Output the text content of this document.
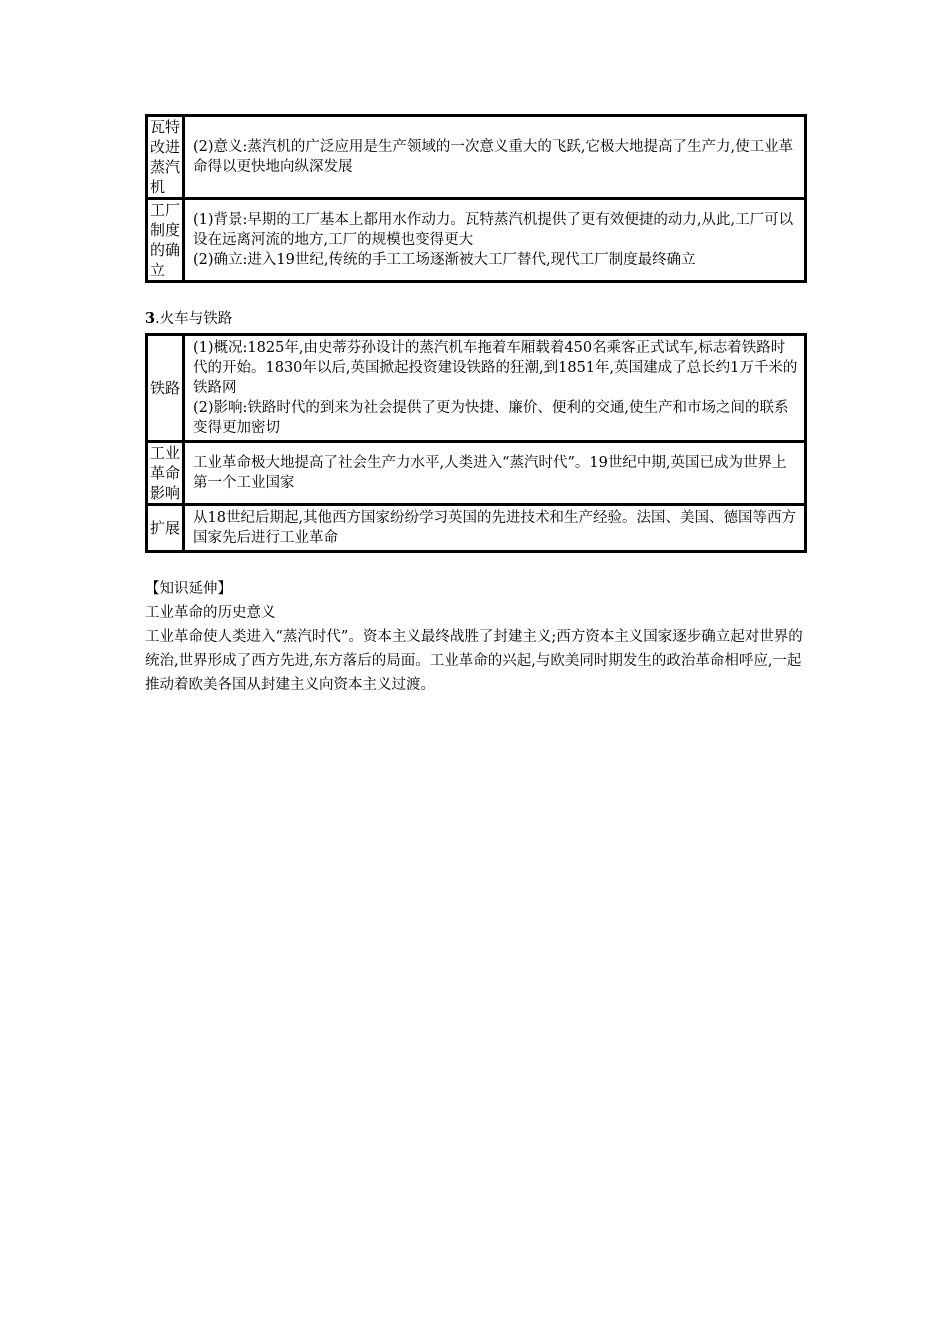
瓦特改进蒸汽机	(2)意义:蒸汽机的广泛应用是生产领域的一次意义重大的飞跃,它极大地提高了生产力,使工业革命得以更快地向纵深发展

工厂制度的确立	(1)背景:早期的工厂基本上都用水作动力。瓦特蒸汽机提供了更有效便捷的动力,从此,工厂可以设在远离河流的地方,工厂的规模也变得更大
(2)确立:进入19世纪,传统的手工工场逐渐被大工厂替代,现代工厂制度最终确立
3.火车与铁路
铁路	(1)概况:1825年,由史蒂芬孙设计的蒸汽机车拖着车厢载着450名乘客正式试车,标志着铁路时代的开始。1830年以后,英国掀起投资建设铁路的狂潮,到1851年,英国建成了总长约1万千米的铁路网
(2)影响:铁路时代的到来为社会提供了更为快捷、廉价、便利的交通,使生产和市场之间的联系变得更加密切

工业革命影响	工业革命极大地提高了社会生产力水平,人类进入“蒸汽时代”。19世纪中期,英国已成为世界上第一个工业国家

扩展	从18世纪后期起,其他西方国家纷纷学习英国的先进技术和生产经验。法国、美国、德国等西方国家先后进行工业革命
【知识延伸】
工业革命的历史意义
工业革命使人类进入“蒸汽时代”。资本主义最终战胜了封建主义;西方资本主义国家逐步确立起对世界的统治,世界形成了西方先进,东方落后的局面。工业革命的兴起,与欧美同时期发生的政治革命相呼应,一起推动着欧美各国从封建主义向资本主义过渡。
